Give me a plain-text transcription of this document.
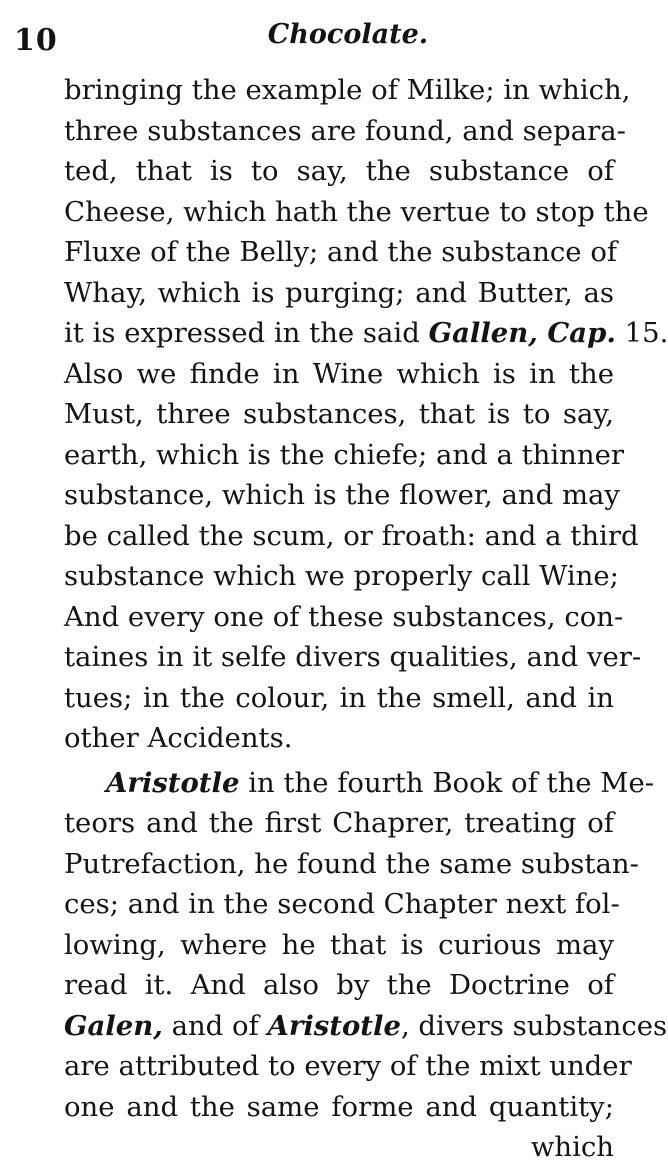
10	Chocolate.
bringing the example of Milke; in which,
three substances are found, and separa-
ted, that is to say, the substance of
Cheese, which hath the vertue to stop the
Fluxe of the Belly; and the substance of
Whay, which is purging; and Butter, as
it is expressed in the said Gallen, Cap. 15.
Also we finde in Wine which is in the
Must, three substances, that is to say,
earth, which is the chiefe; and a thinner
substance, which is the flower, and may
be called the scum, or froath: and a third
substance which we properly call Wine;
And every one of these substances, con-
taines in it selfe divers qualities, and ver-
tues; in the colour, in the smell, and in
other Accidents.
Aristotle in the fourth Book of the Me-
teors and the first Chaprer, treating of
Putrefaction, he found the same substan-
ces; and in the second Chapter next fol-
lowing, where he that is curious may
read it. And also by the Doctrine of
Galen, and of Aristotle, divers substances
are attributed to every of the mixt under
one and the same forme and quantity;
which
